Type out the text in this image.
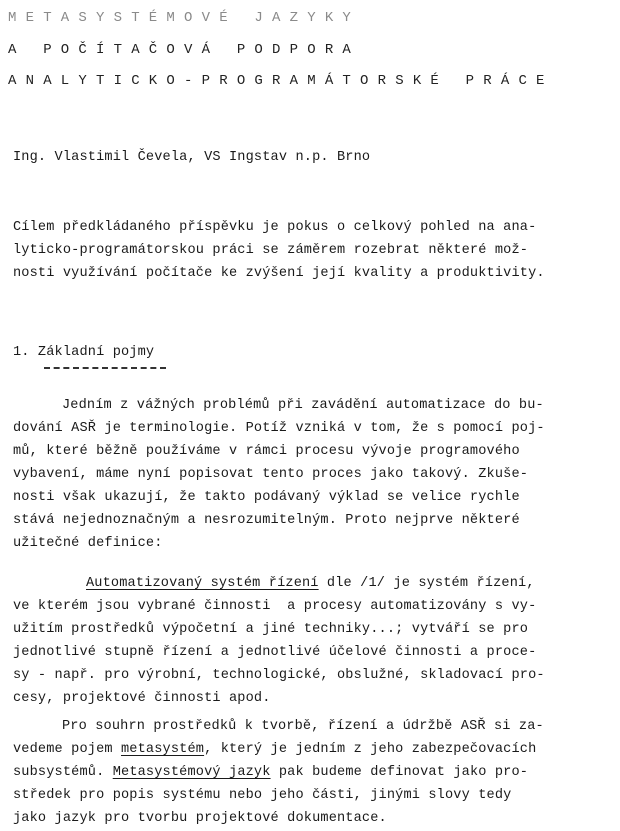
METASYSTÉMOVÉ JAZYKY
A POČÍTAČOVÁ PODPORA
ANALYTICKO-PROGRAMÁTORSKÉ PRÁCE
Ing. Vlastimil Čevela, VS Ingstav n.p. Brno
Cílem předkládaného příspěvku je pokus o celkový pohled na ana-
lyticko-programátorskou práci se záměrem rozebrat některé mož-
nosti využívání počítače ke zvýšení její kvality a produktivity.
1. Základní pojmy
Jedním z vážných problémů při zavádění automatizace do bu-
dování ASŘ je terminologie. Potíž vzniká v tom, že s pomocí poj-
mů, které běžně používáme v rámci procesu vývoje programového
vybavení, máme nyní popisovat tento proces jako takový. Zkuše-
nosti však ukazují, že takto podávaný výklad se velice rychle
stává nejednoznačným a nesrozumitelným. Proto nejprve některé
užitečné definice:
Automatizovaný systém řízení dle /1/ je systém řízení,
ve kterém jsou vybrané činnosti  a procesy automatizovány s vy-
užitím prostředků výpočetní a jiné techniky...; vytváří se pro
jednotlivé stupně řízení a jednotlivé účelové činnosti a proce-
sy - např. pro výrobní, technologické, obslužné, skladovací pro-
cesy, projektové činnosti apod.
Pro souhrn prostředků k tvorbě, řízení a údržbě ASŘ si za-
vedeme pojem metasystém, který je jedním z jeho zabezpečovacích
subsystémů. Metasystémový jazyk pak budeme definovat jako pro-
středek pro popis systému nebo jeho části, jinými slovy tedy
jako jazyk pro tvorbu projektové dokumentace.
